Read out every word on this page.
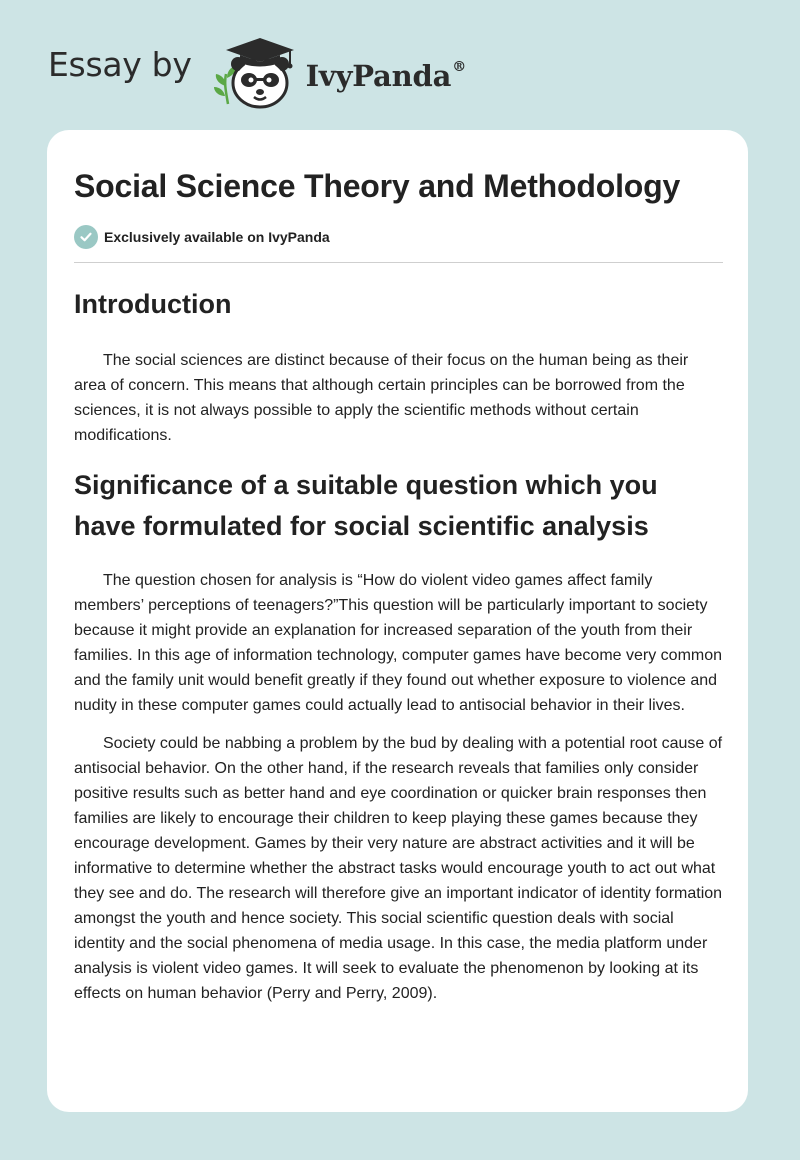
Essay by	IvyPanda®
Social Science Theory and Methodology
Exclusively available on IvyPanda
Introduction

The social sciences are distinct because of their focus on the human being as their area of concern. This means that although certain principles can be borrowed from the sciences, it is not always possible to apply the scientific methods without certain modifications.

Significance of a suitable question which you have formulated for social scientific analysis

The question chosen for analysis is “How do violent video games affect family members’ perceptions of teenagers?”This question will be particularly important to society because it might provide an explanation for increased separation of the youth from their families. In this age of information technology, computer games have become very common and the family unit would benefit greatly if they found out whether exposure to violence and nudity in these computer games could actually lead to antisocial behavior in their lives.

Society could be nabbing a problem by the bud by dealing with a potential root cause of antisocial behavior. On the other hand, if the research reveals that families only consider positive results such as better hand and eye coordination or quicker brain responses then families are likely to encourage their children to keep playing these games because they encourage development. Games by their very nature are abstract activities and it will be informative to determine whether the abstract tasks would encourage youth to act out what they see and do. The research will therefore give an important indicator of identity formation amongst the youth and hence society. This social scientific question deals with social identity and the social phenomena of media usage. In this case, the media platform under analysis is violent video games. It will seek to evaluate the phenomenon by looking at its effects on human behavior (Perry and Perry, 2009).
